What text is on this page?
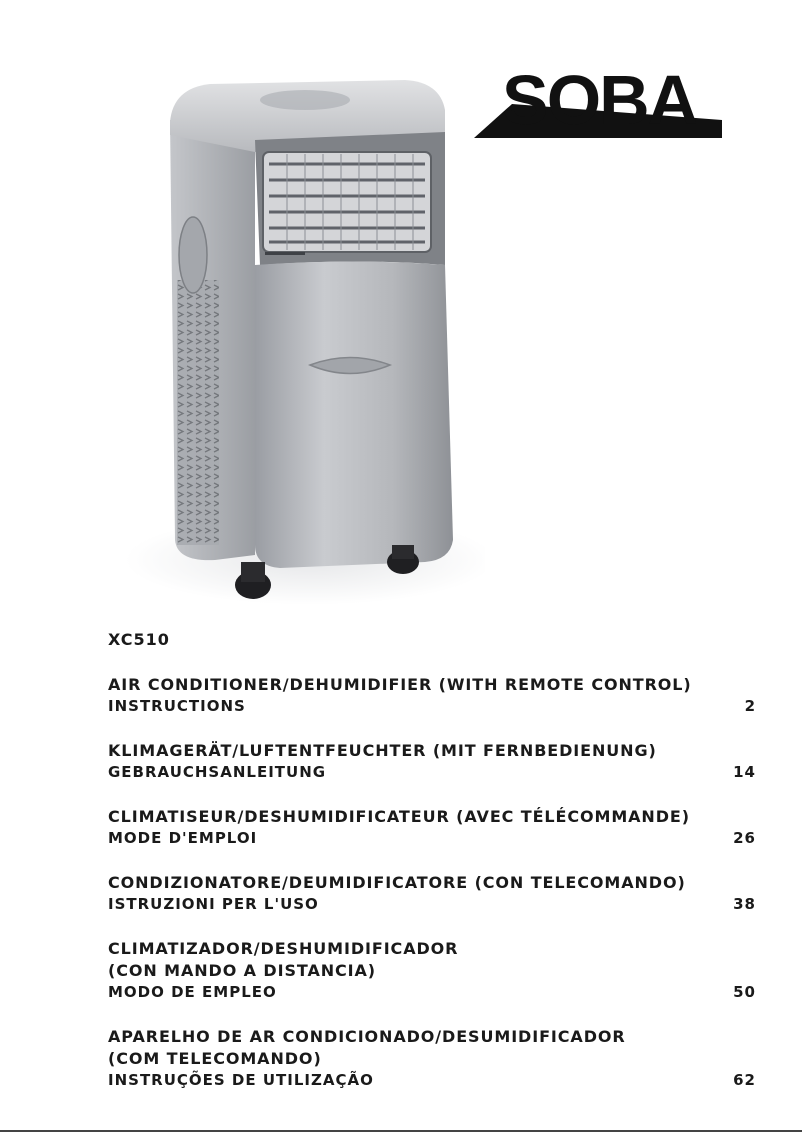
SOBA
XC510
AIR CONDITIONER/DEHUMIDIFIER (WITH REMOTE CONTROL)
INSTRUCTIONS	2
KLIMAGERÄT/LUFTENTFEUCHTER (MIT FERNBEDIENUNG)
GEBRAUCHSANLEITUNG	14
CLIMATISEUR/DESHUMIDIFICATEUR (AVEC TÉLÉCOMMANDE)
MODE D'EMPLOI	26
CONDIZIONATORE/DEUMIDIFICATORE (CON TELECOMANDO)
ISTRUZIONI PER L'USO	38
CLIMATIZADOR/DESHUMIDIFICADOR
(CON MANDO A DISTANCIA)
MODO DE EMPLEO	50
APARELHO DE AR CONDICIONADO/DESUMIDIFICADOR
(COM TELECOMANDO)
INSTRUÇÕES DE UTILIZAÇÃO	62
